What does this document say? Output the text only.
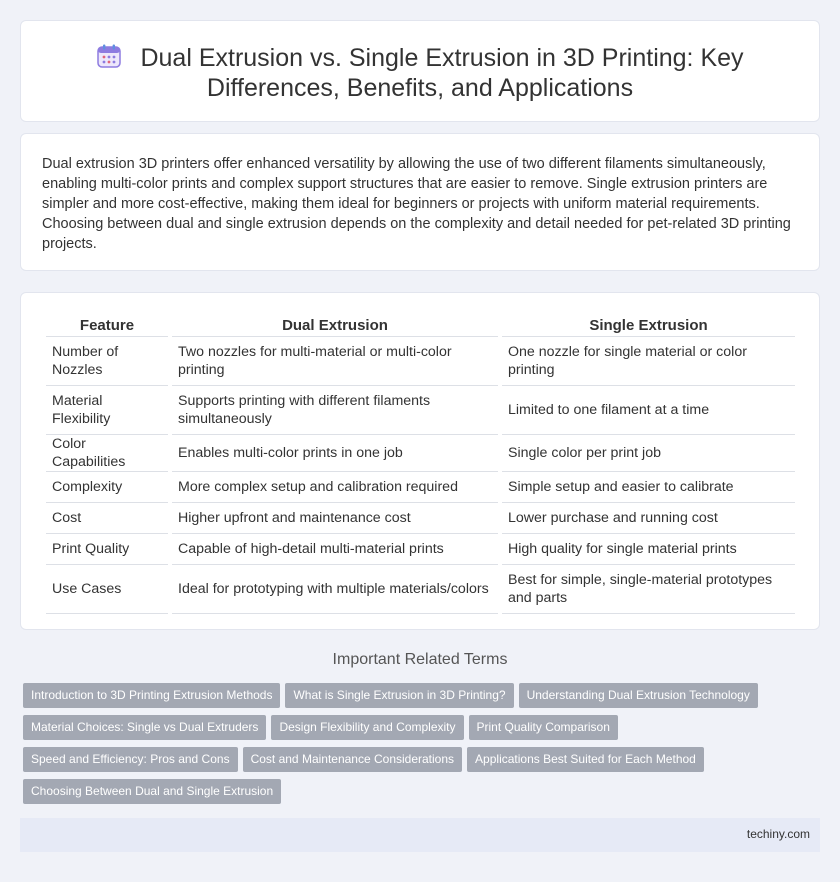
Dual Extrusion vs. Single Extrusion in 3D Printing: Key Differences, Benefits, and Applications

Dual extrusion 3D printers offer enhanced versatility by allowing the use of two different filaments simultaneously, enabling multi-color prints and complex support structures that are easier to remove. Single extrusion printers are simpler and more cost-effective, making them ideal for beginners or projects with uniform material requirements. Choosing between dual and single extrusion depends on the complexity and detail needed for pet-related 3D printing projects.

Feature	Dual Extrusion	Single Extrusion
Number of Nozzles	Two nozzles for multi-material or multi-color printing	One nozzle for single material or color printing
Material Flexibility	Supports printing with different filaments simultaneously	Limited to one filament at a time
Color Capabilities	Enables multi-color prints in one job	Single color per print job
Complexity	More complex setup and calibration required	Simple setup and easier to calibrate
Cost	Higher upfront and maintenance cost	Lower purchase and running cost
Print Quality	Capable of high-detail multi-material prints	High quality for single material prints
Use Cases	Ideal for prototyping with multiple materials/colors	Best for simple, single-material prototypes and parts
Important Related Terms
Introduction to 3D Printing Extrusion Methods What is Single Extrusion in 3D Printing? Understanding Dual Extrusion Technology
Material Choices: Single vs Dual Extruders Design Flexibility and Complexity Print Quality Comparison
Speed and Efficiency: Pros and Cons Cost and Maintenance Considerations Applications Best Suited for Each Method
Choosing Between Dual and Single Extrusion
techiny.com
